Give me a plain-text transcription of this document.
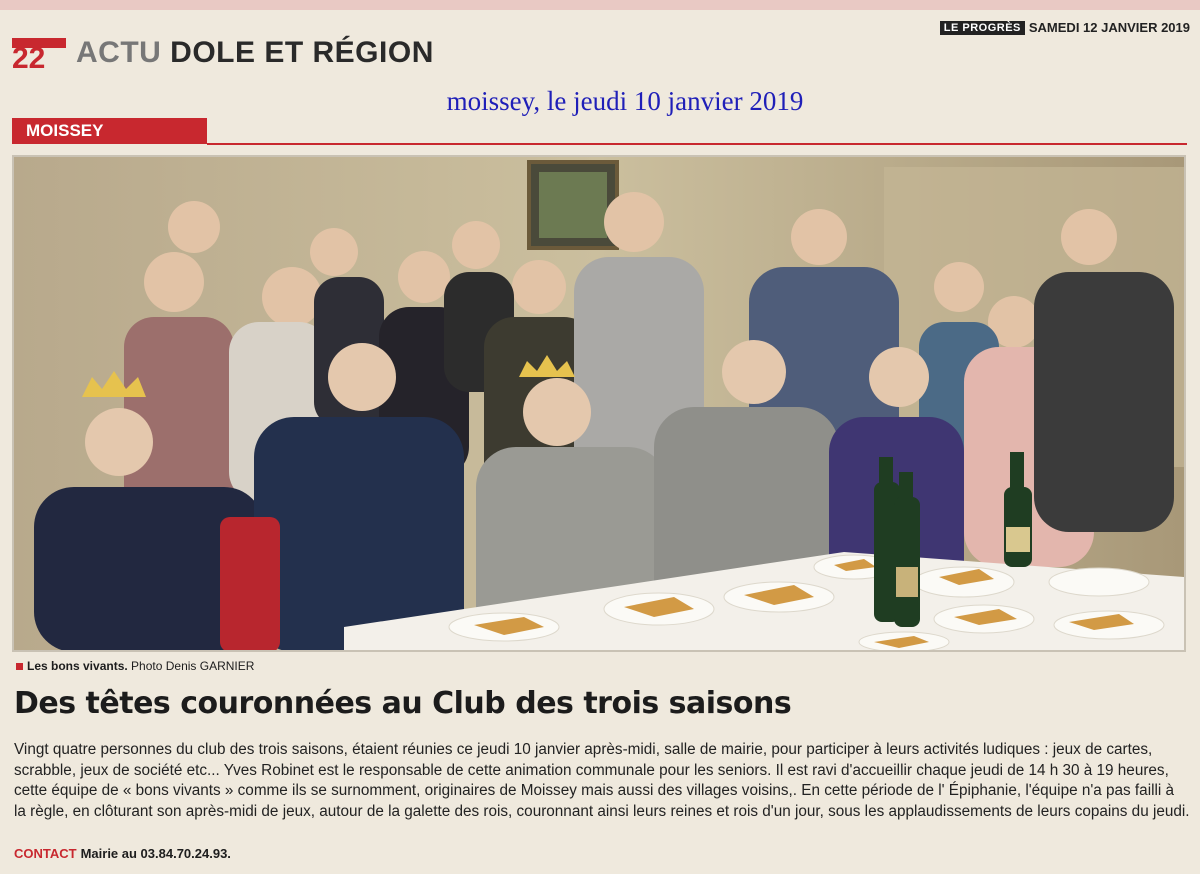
22 ACTU DOLE ET RÉGION
LE PROGRÈS SAMEDI 12 JANVIER 2019
moissey, le jeudi 10 janvier 2019
MOISSEY
Les bons vivants. Photo Denis GARNIER
Des têtes couronnées au Club des trois saisons

Vingt quatre personnes du club des trois saisons, étaient réunies ce jeudi 10 janvier après-midi, salle de mairie, pour participer à leurs activités ludiques : jeux de cartes, scrabble, jeux de société etc... Yves Robinet est le responsable de cette animation communale pour les seniors. Il est ravi d'accueillir chaque jeudi de 14 h 30 à 19 heures, cette équipe de « bons vivants » comme ils se surnomment, originaires de Moissey mais aussi des villages voisins,. En cette période de l' Épiphanie, l'équipe n'a pas failli à la règle, en clôturant son après-midi de jeux, autour de la galette des rois, couronnant ainsi leurs reines et rois d'un jour, sous les applaudissements de leurs copains du jeudi.

CONTACT Mairie au 03.84.70.24.93.
